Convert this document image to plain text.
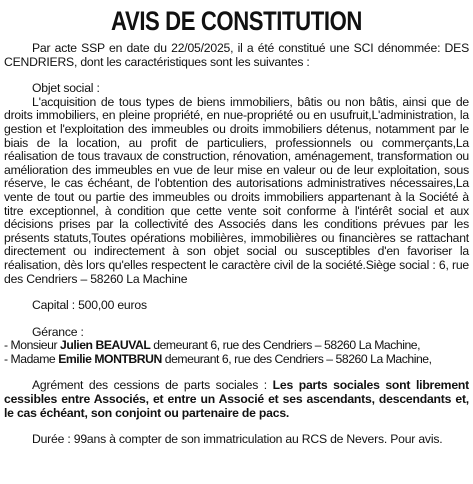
AVIS DE CONSTITUTION

Par acte SSP en date du 22/05/2025, il a été constitué une SCI dénommée: DES CENDRIERS, dont les caractéristiques sont les suivantes :

Objet social :

L'acquisition de tous types de biens immobiliers, bâtis ou non bâtis, ainsi que de droits immobiliers, en pleine propriété, en nue-propriété ou en usufruit,L'administration, la gestion et l'exploitation des immeubles ou droits immobiliers détenus, notamment par le biais de la location, au profit de particuliers, professionnels ou commerçants,La réalisation de tous travaux de construction, rénovation, aménagement, transformation ou amélioration des immeubles en vue de leur mise en valeur ou de leur exploitation, sous réserve, le cas échéant, de l'obtention des autorisations administratives nécessaires,La vente de tout ou partie des immeubles ou droits immobiliers appartenant à la Société à titre exceptionnel, à condition que cette vente soit conforme à l'intérêt social et aux décisions prises par la collectivité des Associés dans les conditions prévues par les présents statuts,Toutes opérations mobilières, immobilières ou financières se rattachant directement ou indirectement à son objet social ou susceptibles d'en favoriser la réalisation, dès lors qu'elles respectent le caractère civil de la société.Siège social : 6, rue des Cendriers – 58260 La Machine

Capital : 500,00 euros

Gérance :

- Monsieur Julien BEAUVAL demeurant 6, rue des Cendriers – 58260 La Machine,

- Madame Emilie MONTBRUN demeurant 6, rue des Cendriers – 58260 La Machine,

Agrément des cessions de parts sociales : Les parts sociales sont librement cessibles entre Associés, et entre un Associé et ses ascendants, descendants et, le cas échéant, son conjoint ou partenaire de pacs.

Durée : 99ans à compter de son immatriculation au RCS de Nevers. Pour avis.
